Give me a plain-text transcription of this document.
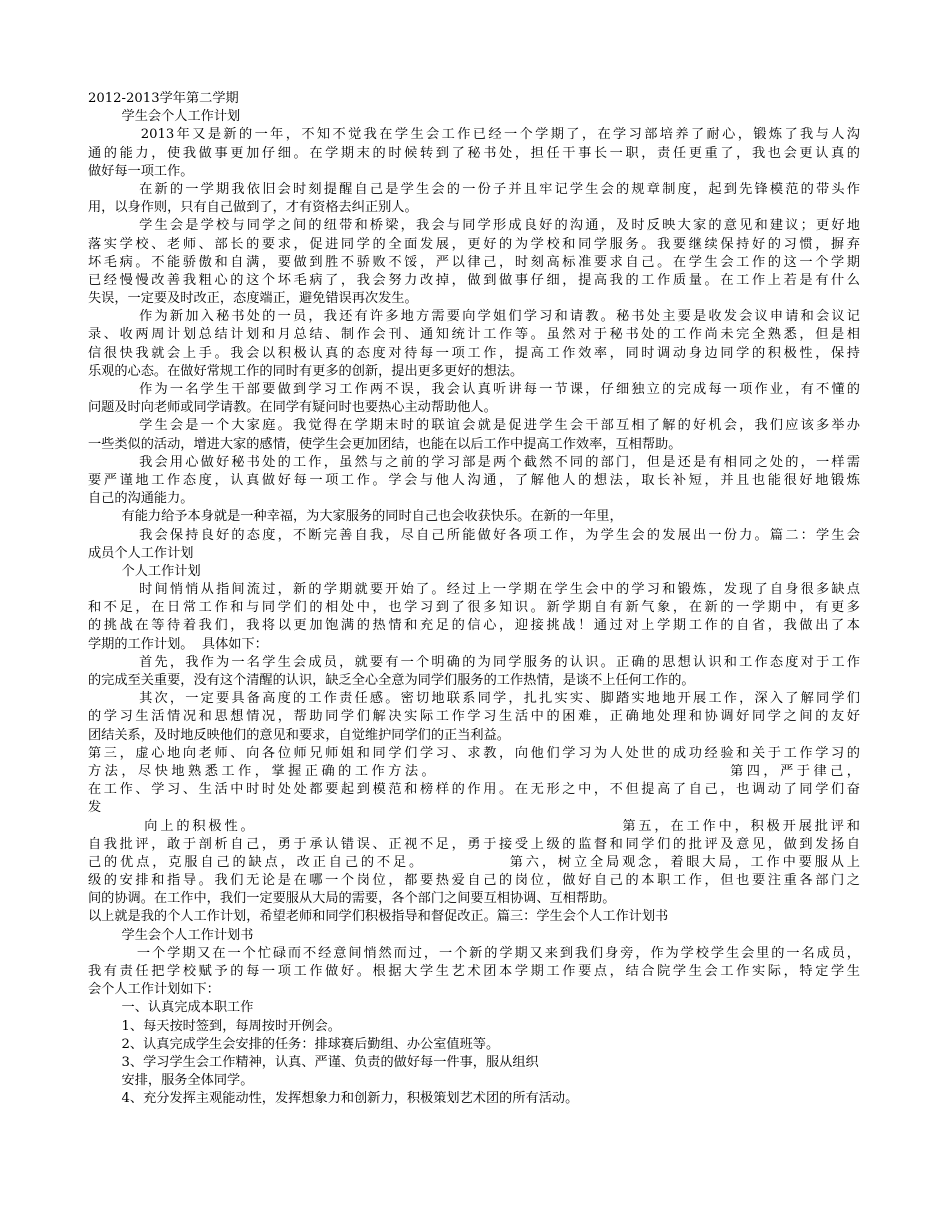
2012-2013学年第二学期
学生会个人工作计划
2013年又是新的一年，不知不觉我在学生会工作已经一个学期了，在学习部培养了耐心，锻炼了我与人沟
通的能力，使我做事更加仔细。在学期末的时候转到了秘书处，担任干事长一职，责任更重了，我也会更认真的
做好每一项工作。
在新的一学期我依旧会时刻提醒自己是学生会的一份子并且牢记学生会的规章制度，起到先锋模范的带头作
用，以身作则，只有自己做到了，才有资格去纠正别人。
学生会是学校与同学之间的纽带和桥梁，我会与同学形成良好的沟通，及时反映大家的意见和建议；更好地
落实学校、老师、部长的要求，促进同学的全面发展，更好的为学校和同学服务。我要继续保持好的习惯，摒弃
坏毛病。不能骄傲和自满，要做到胜不骄败不馁，严以律己，时刻高标准要求自己。在学生会工作的这一个学期
已经慢慢改善我粗心的这个坏毛病了，我会努力改掉，做到做事仔细，提高我的工作质量。在工作上若是有什么
失误，一定要及时改正，态度端正，避免错误再次发生。
作为新加入秘书处的一员，我还有许多地方需要向学姐们学习和请教。秘书处主要是收发会议申请和会议记
录、收两周计划总结计划和月总结、制作会刊、通知统计工作等。虽然对于秘书处的工作尚未完全熟悉，但是相
信很快我就会上手。我会以积极认真的态度对待每一项工作，提高工作效率，同时调动身边同学的积极性，保持
乐观的心态。在做好常规工作的同时有更多的创新，提出更多更好的想法。
作为一名学生干部要做到学习工作两不误，我会认真听讲每一节课，仔细独立的完成每一项作业，有不懂的
问题及时向老师或同学请教。在同学有疑问时也要热心主动帮助他人。
学生会是一个大家庭。我觉得在学期末时的联谊会就是促进学生会干部互相了解的好机会，我们应该多举办
一些类似的活动，增进大家的感情，使学生会更加团结，也能在以后工作中提高工作效率，互相帮助。
我会用心做好秘书处的工作，虽然与之前的学习部是两个截然不同的部门，但是还是有相同之处的，一样需
要严谨地工作态度，认真做好每一项工作。学会与他人沟通，了解他人的想法，取长补短，并且也能很好地锻炼
自己的沟通能力。
有能力给予本身就是一种幸福，为大家服务的同时自己也会收获快乐。在新的一年里，
我会保持良好的态度，不断完善自我，尽自己所能做好各项工作，为学生会的发展出一份力。篇二：学生会
成员个人工作计划
个人工作计划
时间悄悄从指间流过，新的学期就要开始了。经过上一学期在学生会中的学习和锻炼，发现了自身很多缺点
和不足，在日常工作和与同学们的相处中，也学习到了很多知识。新学期自有新气象，在新的一学期中，有更多
的挑战在等待着我们，我将以更加饱满的热情和充足的信心，迎接挑战！通过对上学期工作的自省，我做出了本
学期的工作计划。  具体如下：
首先，我作为一名学生会成员，就要有一个明确的为同学服务的认识。正确的思想认识和工作态度对于工作
的完成至关重要，没有这个清醒的认识，缺乏全心全意为同学们服务的工作热情，是谈不上任何工作的。
其次，一定要具备高度的工作责任感。密切地联系同学，扎扎实实、脚踏实地地开展工作，深入了解同学们
的学习生活情况和思想情况，帮助同学们解决实际工作学习生活中的困难，正确地处理和协调好同学之间的友好
团结关系，及时地反映他们的意见和要求，自觉维护同学们的正当利益。
第三，虚心地向老师、向各位师兄师姐和同学们学习、求教，向他们学习为人处世的成功经验和关于工作学习的
方法，尽快地熟悉工作，掌握正确的工作方法。                                      第四，严于律己，
在工作、学习、生活中时时处处都要起到模范和榜样的作用。在无形之中，不但提高了自己，也调动了同学们奋
发
向上的积极性。                                                    第五，在工作中，积极开展批评和
自我批评，敢于剖析自己，勇于承认错误、正视不足，勇于接受上级的监督和同学们的批评及意见，做到发扬自
己的优点，克服自己的缺点，改正自己的不足。            第六，树立全局观念，着眼大局，工作中要服从上
级的安排和指导。我们无论是在哪一个岗位，都要热爱自己的岗位，做好自己的本职工作，但也要注重各部门之
间的协调。在工作中，我们一定要服从大局的需要，各个部门之间要互相协调、互相帮助。
以上就是我的个人工作计划，希望老师和同学们积极指导和督促改正。篇三：学生会个人工作计划书
学生会个人工作计划书
一个学期又在一个忙碌而不经意间悄然而过，一个新的学期又来到我们身旁，作为学校学生会里的一名成员，
我有责任把学校赋予的每一项工作做好。根据大学生艺术团本学期工作要点，结合院学生会工作实际，特定学生
会个人工作计划如下：
一、认真完成本职工作
1、每天按时签到，每周按时开例会。
2、认真完成学生会安排的任务：排球赛后勤组、办公室值班等。
3、学习学生会工作精神，认真、严谨、负责的做好每一件事，服从组织
安排，服务全体同学。
4、充分发挥主观能动性，发挥想象力和创新力，积极策划艺术团的所有活动。
